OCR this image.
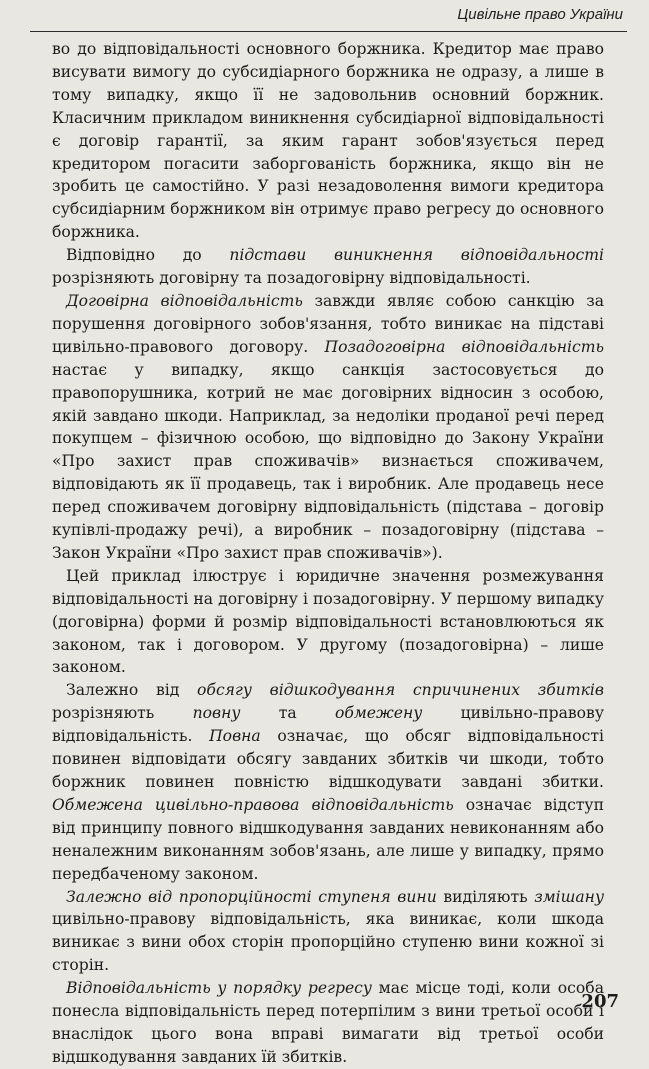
Цивільне право України

во до відповідальності основного боржника. Кредитор має право висувати вимогу до субсидіарного боржника не одразу, а лише в тому випадку, якщо її не задовольнив основний боржник. Класичним прикладом виникнення субсидіарної відповідальності є договір гарантії, за яким гарант зобов'язується перед кредитором погасити заборгованість боржника, якщо він не зробить це самостійно. У разі незадоволення вимоги кредитора субсидіарним боржником він отримує право регресу до основного боржника.

Відповідно до підстави виникнення відповідальності розрізняють договірну та позадоговірну відповідальності.

Договірна відповідальність завжди являє собою санкцію за порушення договірного зобов'язання, тобто виникає на підставі цивільно-правового договору. Позадоговірна відповідальність настає у випадку, якщо санкція застосовується до правопорушника, котрий не має договірних відносин з особою, якій завдано шкоди. Наприклад, за недоліки проданої речі перед покупцем – фізичною особою, що відповідно до Закону України «Про захист прав споживачів» визнається споживачем, відповідають як її продавець, так і виробник. Але продавець несе перед споживачем договірну відповідальність (підстава – договір купівлі-продажу речі), а виробник – позадоговірну (підстава – Закон України «Про захист прав споживачів»).

Цей приклад ілюструє і юридичне значення розмежування відповідальності на договірну і позадоговірну. У першому випадку (договірна) форми й розмір відповідальності встановлюються як законом, так і договором. У другому (позадоговірна) – лише законом.

Залежно від обсягу відшкодування спричинених збитків розрізняють повну та обмежену цивільно-правову відповідальність. Повна означає, що обсяг відповідальності повинен відповідати обсягу завданих збитків чи шкоди, тобто боржник повинен повністю відшкодувати завдані збитки. Обмежена цивільно-правова відповідальність означає відступ від принципу повного відшкодування завданих невиконанням або неналежним виконанням зобов'язань, але лише у випадку, прямо передбаченому законом.

Залежно від пропорційності ступеня вини виділяють змішану цивільно-правову відповідальність, яка виникає, коли шкода виникає з вини обох сторін пропорційно ступеню вини кожної зі сторін.

Відповідальність у порядку регресу має місце тоді, коли особа понесла відповідальність перед потерпілим з вини третьої особи і внаслідок цього вона вправі вимагати від третьої особи відшкодування завданих їй збитків.

207
